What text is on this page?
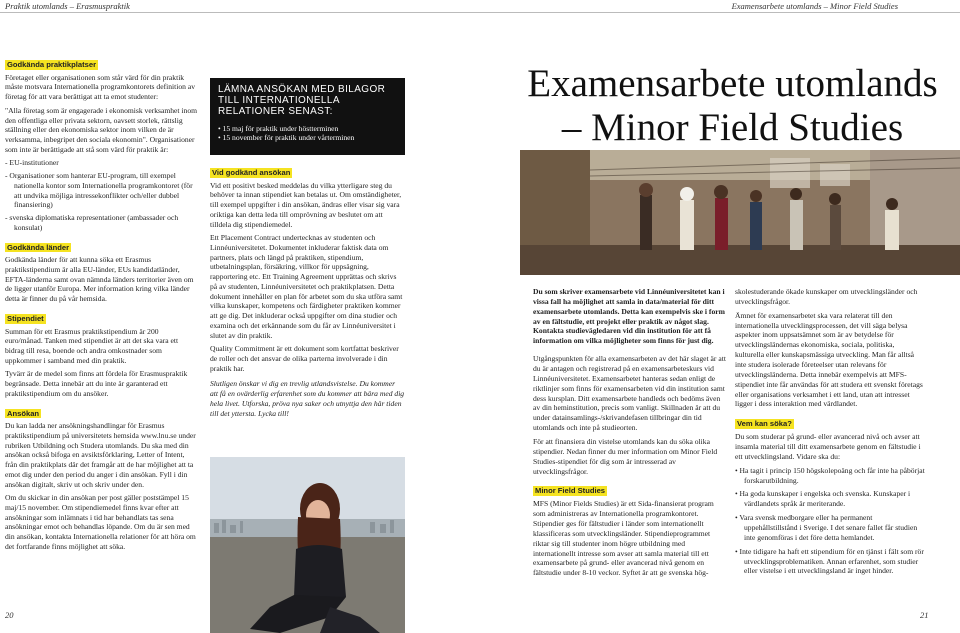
Praktik utomlands – Erasmuspraktik	Examensarbete utomlands – Minor Field Studies
Godkända praktikplatser

Företaget eller organisationen som står värd för din praktik måste motsvara Internationella programkontorets definition av företag för att vara berättigat att ta emot studenter:

"Alla företag som är engagerade i ekonomisk verksamhet inom den offentliga eller privata sektorn, oavsett storlek, rättslig ställning eller den ekonomiska sektor inom vilken de är verksamma, inbegripet den sociala ekonomin". Organisationer som inte är berättigade att stå som värd för praktik är:

- EU-institutioner
- Organisationer som hanterar EU-program, till exempel nationella kontor som Internationella programkontoret (för att undvika möjliga intressekonflikter och/eller dubbel finansiering)
- svenska diplomatiska representationer (ambassader och konsulat)
Godkända länder

Godkända länder för att kunna söka ett Erasmus praktikstipendium är alla EU-länder, EUs kandidatländer, EFTA-länderna samt ovan nämnda länders territorier även om de ligger utanför Europa. Mer information kring vilka länder detta är finner du på vår hemsida.

Stipendiet

Summan för ett Erasmus praktikstipendium är 200 euro/månad. Tanken med stipendiet är att det ska vara ett bidrag till resa, boende och andra omkostnader som uppkommer i samband med din praktik.

Tyvärr är de medel som finns att fördela för Erasmuspraktik begränsade. Detta innebär att du inte är garanterad ett praktikstipendium om du ansöker.

Ansökan

Du kan ladda ner ansökningshandlingar för Erasmus praktikstipendium på universitetets hemsida www.lnu.se under rubriken Utbildning och Studera utomlands. Du ska med din ansökan också bifoga en avsiktsförklaring, Letter of Intent, från din praktikplats där det framgår att de har möjlighet att ta emot dig under den period du anger i din ansökan. Fyll i din ansökan digitalt, skriv ut och skriv under den.

Om du skickar in din ansökan per post gäller poststämpel 15 maj/15 november. Om stipendiemedel finns kvar efter att ansökningar som inlämnats i tid har behandlats tas sena ansökningar emot och behandlas löpande. Om du är sen med din ansökan, kontakta Internationella relationer för att höra om det fortfarande finns möjlighet att söka.

LÄMNA ANSÖKAN MED BILAGOR TILL INTERNATIONELLA RELATIONER SENAST:
• 15 maj för praktik under höstterminen
• 15 november för praktik under vårterminen
Vid godkänd ansökan

Vid ett positivt besked meddelas du vilka ytterligare steg du behöver ta innan stipendiet kan betalas ut. Om omständigheter, till exempel uppgifter i din ansökan, ändras eller visar sig vara oriktiga kan detta leda till omprövning av beslutet om att tilldela dig stipendiemedel.

Ett Placement Contract undertecknas av studenten och Linnéuniversitetet. Dokumentet inkluderar faktisk data om partners, plats och längd på praktiken, stipendium, utbetalningsplan, försäkring, villkor för uppsägning, rapportering etc. Ett Training Agreement upprättas och skrivs på av studenten, Linnéuniversitetet och praktikplatsen. Detta dokument innehåller en plan för arbetet som du ska utföra samt vilka kunskaper, kompetens och färdigheter praktiken kommer att ge dig. Det inkluderar också uppgifter om dina studier och examina och det erkännande som du får av Linnéuniversitet i slutet av din praktik.

Quality Commitment är ett dokument som kortfattat beskriver de roller och det ansvar de olika parterna involverade i din praktik har.

Slutligen önskar vi dig en trevlig utlandsvistelse. Du kommer att få en ovärderlig erfarenhet som du kommer att bära med dig hela livet. Utforska, pröva nya saker och utnyttja den här tiden till det yttersta. Lycka till!

Examensarbete utomlands
– Minor Field Studies

Du som skriver examensarbete vid Linnéuniversitetet kan i vissa fall ha möjlighet att samla in data/material för ditt examensarbete utomlands. Detta kan exempelvis ske i form av en fältstudie, ett projekt eller praktik av något slag. Kontakta studievägledaren vid din institution för att få information om vilka möjligheter som finns för just dig.

Utgångspunkten för alla examensarbeten av det här slaget är att du är antagen och registrerad på en examensarbeteskurs vid Linnéuniversitetet. Examensarbetet hanteras sedan enligt de riktlinjer som finns för examensarbeten vid din institution samt dess kursplan. Ditt examensarbete handleds och bedöms även av din heminstitution, precis som vanligt. Skillnaden är att du under datainsamlings-/skrivandefasen tillbringar din tid utomlands och inte på studieorten.

För att finansiera din vistelse utomlands kan du söka olika stipendier. Nedan finner du mer information om Minor Field Studies-stipendiet för dig som är intresserad av utvecklingsfrågor.

Minor Field Studies

MFS (Minor Fields Studies) är ett Sida-finansierat program som administreras av Internationella programkontoret. Stipendier ges för fältstudier i länder som internationellt klassificeras som utvecklingsländer. Stipendieprogrammet riktar sig till studenter inom högre utbildning med internationellt intresse som avser att samla material till ett examensarbete på grund- eller avancerad nivå genom en fältstudie under 8-10 veckor. Syftet är att ge svenska hög-

skolestuderande ökade kunskaper om utvecklingsländer och utvecklingsfrågor.

Ämnet för examensarbetet ska vara relaterat till den internationella utvecklingsprocessen, det vill säga belysa aspekter inom uppsatsämnet som är av betydelse för utvecklingsländernas ekonomiska, sociala, politiska, kulturella eller kunskapsmässiga utveckling. Man får alltså inte studera isolerade företeelser utan relevans för utvecklingsländerna. Detta innebär exempelvis att MFS-stipendiet inte får användas för att studera ett svenskt företags eller organisations verksamhet i ett land, utan att intresset ligger i dess interaktion med värdlandet.

Vem kan söka?

Du som studerar på grund- eller avancerad nivå och avser att insamla material till ditt examensarbete genom en fältstudie i ett utvecklingsland. Vidare ska du:

• Ha tagit i princip 150 högskolepoäng och får inte ha påbörjat forskarutbildning.
• Ha goda kunskaper i engelska och svenska. Kunskaper i värdlandets språk är meriterande.
• Vara svensk medborgare eller ha permanent uppehållstillstånd i Sverige. I det senare fallet får studien inte genomföras i det före detta hemlandet.
• Inte tidigare ha haft ett stipendium för en tjänst i fält som rör utvecklingsproblematiken. Annan erfarenhet, som studier eller vistelse i ett utvecklingsland är inget hinder.
20	21
